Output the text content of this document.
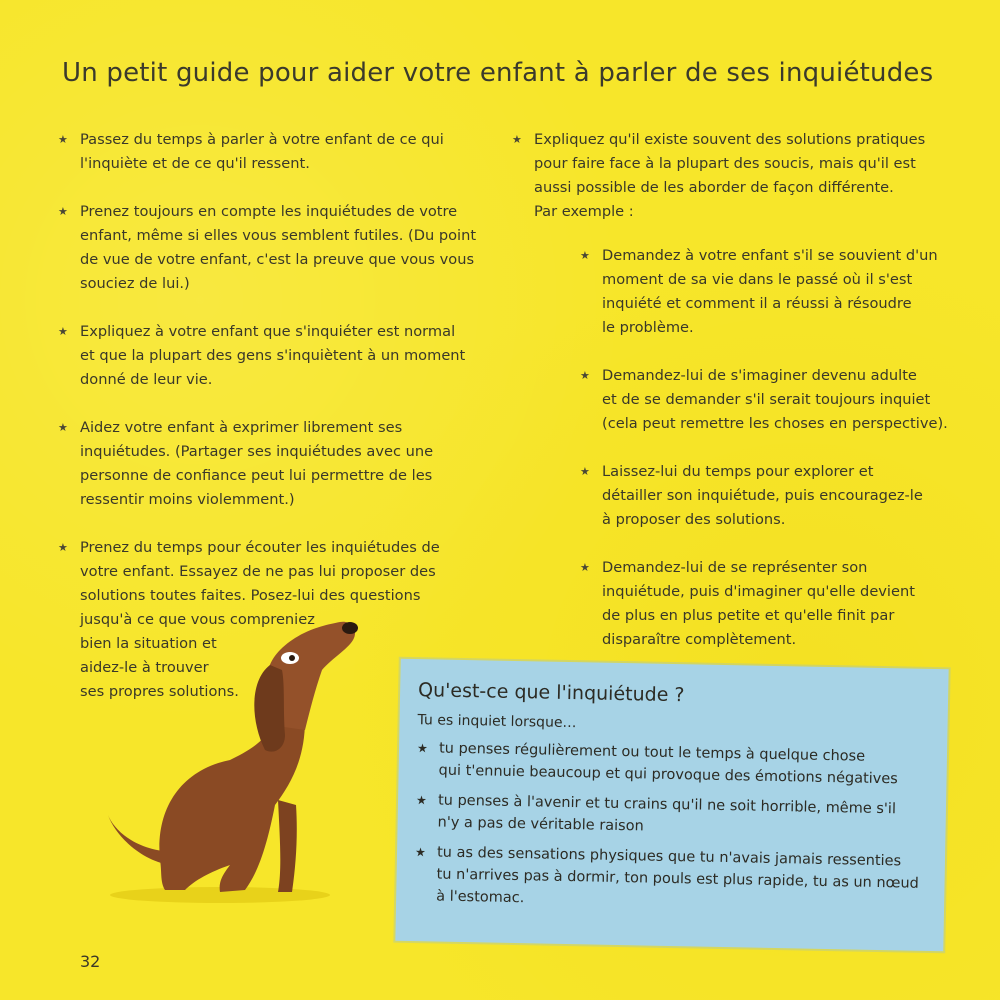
Un petit guide pour aider votre enfant à parler de ses inquiétudes
★ Passez du temps à parler à votre enfant de ce qui
l'inquiète et de ce qu'il ressent.
★ Prenez toujours en compte les inquiétudes de votre
enfant, même si elles vous semblent futiles. (Du point
de vue de votre enfant, c'est la preuve que vous vous
souciez de lui.)
★ Expliquez à votre enfant que s'inquiéter est normal
et que la plupart des gens s'inquiètent à un moment
donné de leur vie.
★ Aidez votre enfant à exprimer librement ses
inquiétudes. (Partager ses inquiétudes avec une
personne de confiance peut lui permettre de les
ressentir moins violemment.)
★ Prenez du temps pour écouter les inquiétudes de
votre enfant. Essayez de ne pas lui proposer des
solutions toutes faites. Posez-lui des questions
jusqu'à ce que vous compreniez
bien la situation et
aidez-le à trouver
ses propres solutions.
★ Expliquez qu'il existe souvent des solutions pratiques
pour faire face à la plupart des soucis, mais qu'il est
aussi possible de les aborder de façon différente.
Par exemple :
★ Demandez à votre enfant s'il se souvient d'un
moment de sa vie dans le passé où il s'est
inquiété et comment il a réussi à résoudre
le problème.
★ Demandez-lui de s'imaginer devenu adulte
et de se demander s'il serait toujours inquiet
(cela peut remettre les choses en perspective).
★ Laissez-lui du temps pour explorer et
détailler son inquiétude, puis encouragez-le
à proposer des solutions.
★ Demandez-lui de se représenter son
inquiétude, puis d'imaginer qu'elle devient
de plus en plus petite et qu'elle finit par
disparaître complètement.
Qu'est-ce que l'inquiétude ?
Tu es inquiet lorsque…
★ tu penses régulièrement ou tout le temps à quelque chose
qui t'ennuie beaucoup et qui provoque des émotions négatives
★ tu penses à l'avenir et tu crains qu'il ne soit horrible, même s'il
n'y a pas de véritable raison
★ tu as des sensations physiques que tu n'avais jamais ressenties
tu n'arrives pas à dormir, ton pouls est plus rapide, tu as un nœud
à l'estomac.
32
